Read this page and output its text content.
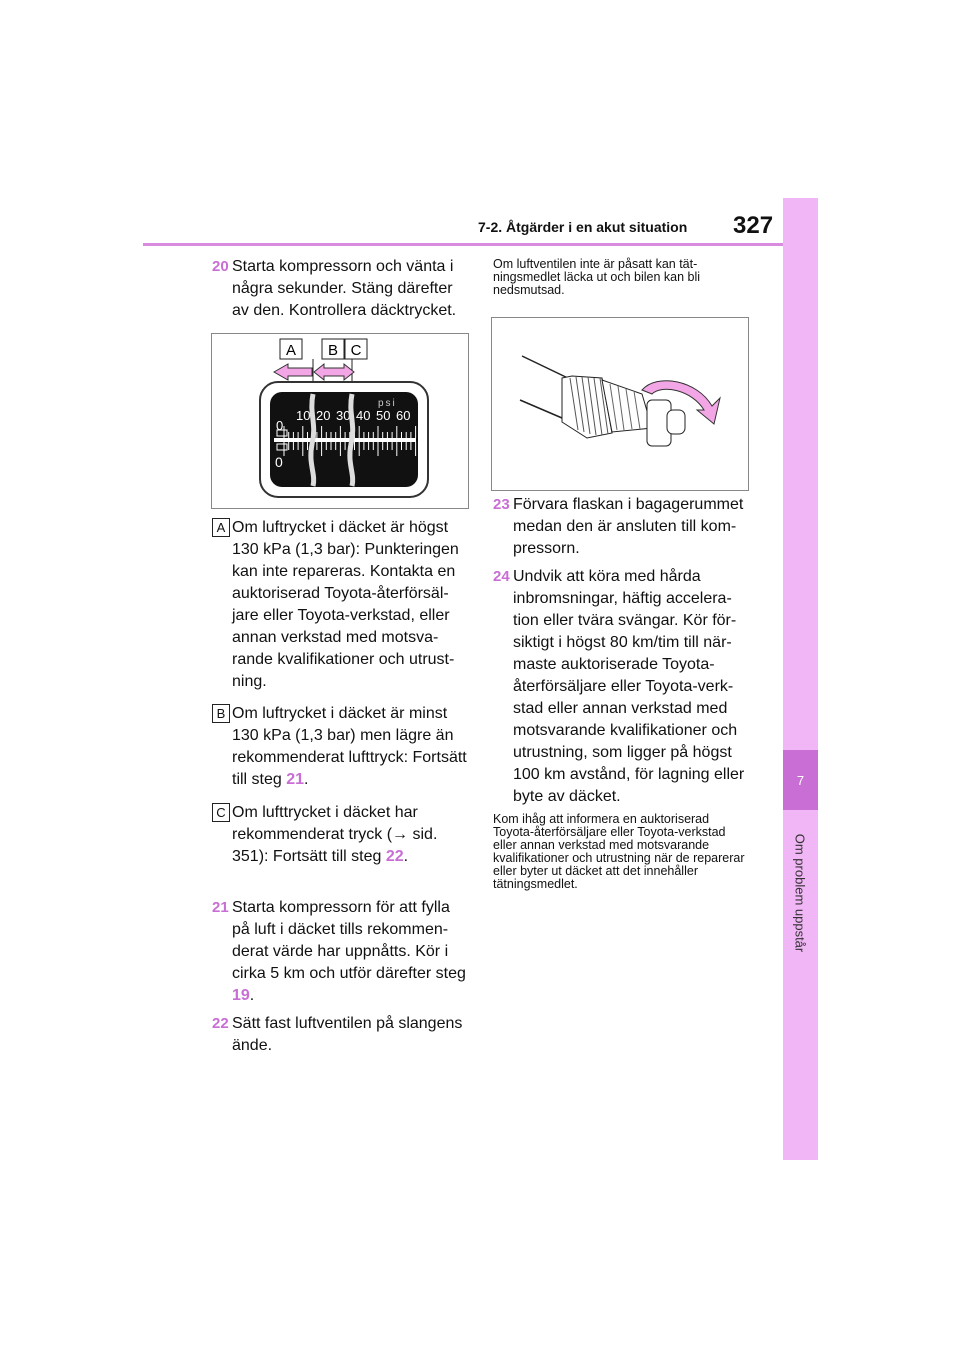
7-2. Åtgärder i en akut situation 327
7
Om problem uppstår
20 Starta kompressorn och vänta i några sekunder. Stäng därefter av den. Kontrollera däcktrycket.
A B C
psi
0
10 20 30 40 50 60
0
A Om luftrycket i däcket är högst 130 kPa (1,3 bar): Punkteringen kan inte repareras. Kontakta en auktoriserad Toyota-återförsäljare eller Toyota-verkstad, eller annan verkstad med motsvarande kvalifikationer och utrustning.
B Om luftrycket i däcket är minst 130 kPa (1,3 bar) men lägre än rekommenderat lufttryck: Fortsätt till steg 21.
C Om lufttrycket i däcket har rekommenderat tryck (→ sid. 351): Fortsätt till steg 22.
21 Starta kompressorn för att fylla på luft i däcket tills rekommenderat värde har uppnåtts. Kör i cirka 5 km och utför därefter steg 19.
22 Sätt fast luftventilen på slangens ände.
Om luftventilen inte är påsatt kan tätningsmedlet läcka ut och bilen kan bli nedsmutsad.
23 Förvara flaskan i bagagerummet medan den är ansluten till kompressorn.
24 Undvik att köra med hårda inbromsningar, häftig acceleration eller tvära svängar. Kör försiktigt i högst 80 km/tim till närmaste auktoriserade Toyota-återförsäljare eller Toyota-verkstad eller annan verkstad med motsvarande kvalifikationer och utrustning, som ligger på högst 100 km avstånd, för lagning eller byte av däcket.
Kom ihåg att informera en auktoriserad Toyota-återförsäljare eller Toyota-verkstad eller annan verkstad med motsvarande kvalifikationer och utrustning när de reparerar eller byter ut däcket att det innehåller tätningsmedlet.
